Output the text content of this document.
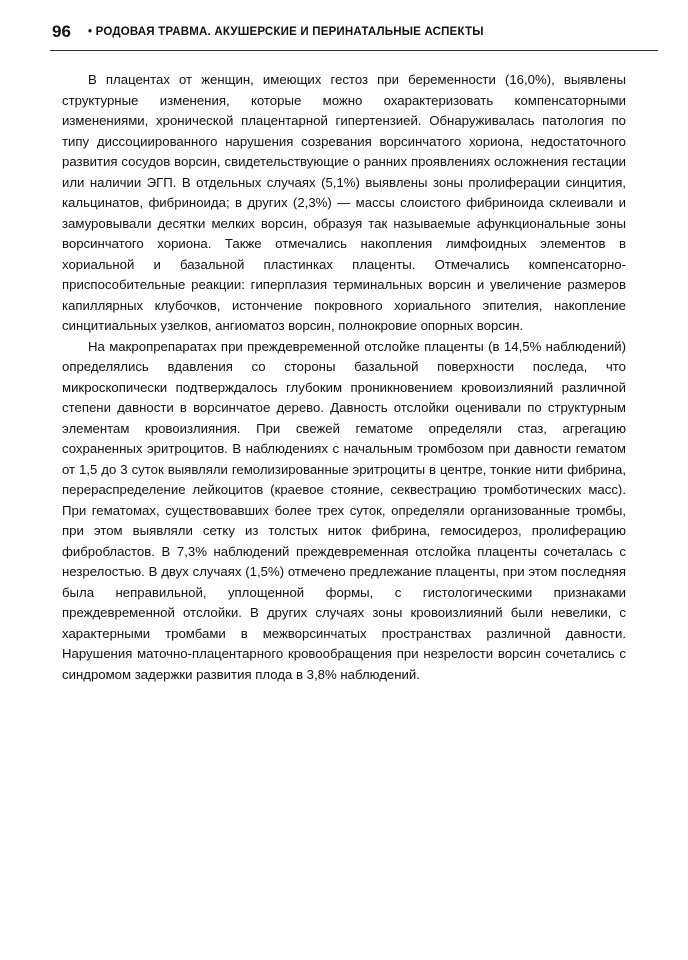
96 • РОДОВАЯ ТРАВМА. АКУШЕРСКИЕ И ПЕРИНАТАЛЬНЫЕ АСПЕКТЫ

В плацентах от женщин, имеющих гестоз при беременности (16,0%), выявлены структурные изменения, которые можно охарактеризовать компенсаторными изменениями, хронической плацентарной гипертензией. Обнаруживалась патология по типу диссоциированного нарушения созревания ворсинчатого хориона, недостаточного развития сосудов ворсин, свидетельствующие о ранних проявлениях осложнения гестации или наличии ЭГП. В отдельных случаях (5,1%) выявлены зоны пролиферации синцития, кальцинатов, фибриноида; в других (2,3%) — массы слоистого фибриноида склеивали и замуровывали десятки мелких ворсин, образуя так называемые афункциональные зоны ворсинчатого хориона. Также отмечались накопления лимфоидных элементов в хориальной и базальной пластинках плаценты. Отмечались компенсаторно-приспособительные реакции: гиперплазия терминальных ворсин и увеличение размеров капиллярных клубочков, истончение покровного хориального эпителия, накопление синцитиальных узелков, ангиоматоз ворсин, полнокровие опорных ворсин.

На макропрепаратах при преждевременной отслойке плаценты (в 14,5% наблюдений) определялись вдавления со стороны базальной поверхности последа, что микроскопически подтверждалось глубоким проникновением кровоизлияний различной степени давности в ворсинчатое дерево. Давность отслойки оценивали по структурным элементам кровоизлияния. При свежей гематоме определяли стаз, агрегацию сохраненных эритроцитов. В наблюдениях с начальным тромбозом при давности гематом от 1,5 до 3 суток выявляли гемолизированные эритроциты в центре, тонкие нити фибрина, перераспределение лейкоцитов (краевое стояние, секвестрацию тромботических масс). При гематомах, существовавших более трех суток, определяли организованные тромбы, при этом выявляли сетку из толстых ниток фибрина, гемосидероз, пролиферацию фибробластов. В 7,3% наблюдений преждевременная отслойка плаценты сочеталась с незрелостью. В двух случаях (1,5%) отмечено предлежание плаценты, при этом последняя была неправильной, уплощенной формы, с гистологическими признаками преждевременной отслойки. В других случаях зоны кровоизлияний были невелики, с характерными тромбами в межворсинчатых пространствах различной давности. Нарушения маточно-плацентарного кровообращения при незрелости ворсин сочетались с синдромом задержки развития плода в 3,8% наблюдений.
